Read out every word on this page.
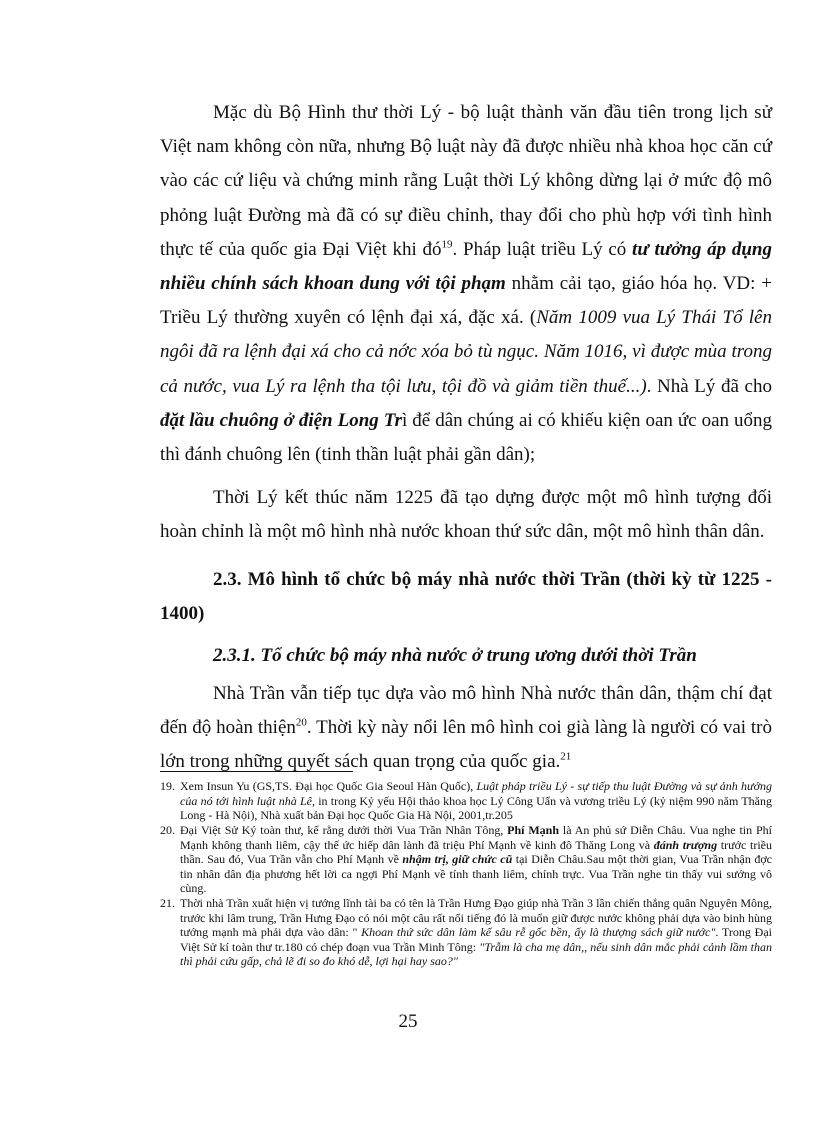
Mặc dù Bộ Hình thư thời Lý - bộ luật thành văn đầu tiên trong lịch sử Việt nam không còn nữa, nhưng Bộ luật này đã được nhiều nhà khoa học căn cứ vào các cứ liệu và chứng minh rằng Luật thời Lý không dừng lại ở mức độ mô phỏng luật Đường mà đã có sự điều chỉnh, thay đổi cho phù hợp với tình hình thực tế của quốc gia Đại Việt khi $đó^{19}$. Pháp luật triều Lý có tư tưởng áp dụng nhiều chính sách khoan dung với tội phạm nhằm cải tạo, giáo hóa họ. VD: + Triều Lý thường xuyên có lệnh đại xá, đặc xá. (Năm 1009 vua Lý Thái Tổ lên ngôi đã ra lệnh đại xá cho cả nớc xóa bỏ tù ngục. Năm 1016, vì được mùa trong cả nước, vua Lý ra lệnh tha tội lưu, tội đồ và giảm tiền thuế...). Nhà Lý đã cho đặt lầu chuông ở điện Long Trì để dân chúng ai có khiếu kiện oan ức oan uổng thì đánh chuông lên (tinh thần luật phải gần dân);

Thời Lý kết thúc năm 1225 đã tạo dựng được một mô hình tượng đối hoàn chỉnh là một mô hình nhà nước khoan thứ sức dân, một mô hình thân dân.

2.3. Mô hình tổ chức bộ máy nhà nước thời Trần (thời kỳ từ 1225 - 1400)
2.3.1. Tổ chức bộ máy nhà nước ở trung ương dưới thời Trần

Nhà Trần vẫn tiếp tục dựa vào mô hình Nhà nước thân dân, thậm chí đạt đến độ hoàn thiện$^{20}$. Thời kỳ này nổi lên mô hình coi già làng là người có vai trò lớn trong những quyết sách quan trọng của quốc gia.$^{21}$

19. Xem Insun Yu (GS,TS. Đại học Quốc Gia Seoul Hàn Quốc), Luật pháp triều Lý - sự tiếp thu luật Đường và sự ảnh hưởng của nó tới hình luật nhà Lê, in trong Kỷ yếu Hội thảo khoa học Lý Công Uẩn và vương triều Lý (kỷ niệm 990 năm Thăng Long - Hà Nội), Nhà xuất bản Đại học Quốc Gia Hà Nội, 2001,tr.205

20. Đại Việt Sử Ký toàn thư, kể rằng dưới thời Vua Trần Nhân Tông, Phí Mạnh là An phủ sứ Diễn Châu. Vua nghe tin Phí Mạnh không thanh liêm, cậy thế ức hiếp dân lành đã triệu Phí Mạnh về kinh đô Thăng Long và đánh trượng trước triều thần. Sau đó, Vua Trần vẫn cho Phí Mạnh về nhậm trị, giữ chức cũ tại Diễn Châu.Sau một thời gian, Vua Trần nhận đợc tin nhân dân địa phương hết lời ca ngợi Phí Mạnh về tính thanh liêm, chính trực. Vua Trần nghe tin thấy vui sướng vô cùng.

21. Thời nhà Trần xuất hiện vị tướng lĩnh tài ba có tên là Trần Hưng Đạo giúp nhà Trần 3 lần chiến thắng quân Nguyên Mông, trước khi lâm trung, Trần Hưng Đạo có nói một câu rất nổi tiếng đó là muốn giữ được nước không phải dựa vào binh hùng tướng mạnh mà phải dựa vào dân: " Khoan thứ sức dân làm kế sâu rễ gốc bền, ấy là thượng sách giữ nước". Trong Đại Việt Sử kí toàn thư tr.180 có chép đoạn vua Trần Minh Tông: "Trẫm là cha mẹ dân,, nếu sinh dân mắc phải cảnh lầm than thì phải cứu gấp, chả lẽ đi so đo khó dễ, lợi hại hay sao?"

25
